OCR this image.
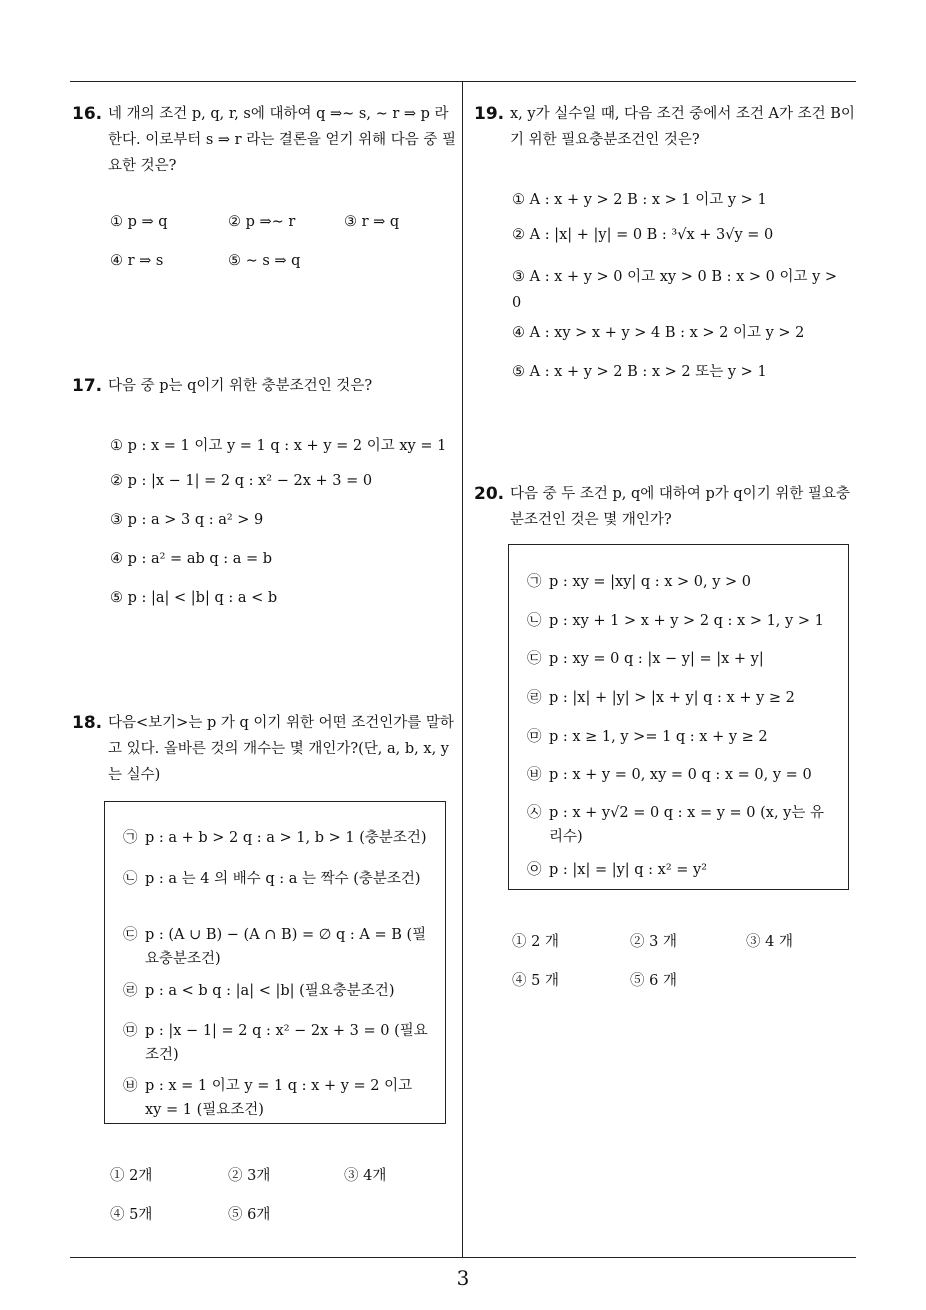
16. 네 개의 조건 p, q, r, s에 대하여 q ⇒∼ s, ∼ r ⇒ p 라 한다. 이로부터 s ⇒ r 라는 결론을 얻기 위해 다음 중 필요한 것은?
① p ⇒ q	② p ⇒∼ r	③ r ⇒ q
④ r ⇒ s	⑤ ∼ s ⇒ q
17. 다음 중 p는 q이기 위한 충분조건인 것은?
① p : x = 1 이고 y = 1 q : x + y = 2 이고 xy = 1
② p : |x − 1| = 2 q : x² − 2x + 3 = 0
③ p : a > 3 q : a² > 9
④ p : a² = ab q : a = b
⑤ p : |a| < |b| q : a < b
18. 다음<보기>는 p 가 q 이기 위한 어떤 조건인가를 말하고 있다. 올바른 것의 개수는 몇 개인가?(단, a, b, x, y 는 실수)
㉠ p : a + b > 2 q : a > 1, b > 1 (충분조건)
㉡ p : a 는 4 의 배수 q : a 는 짝수 (충분조건)
㉢ p : (A ∪ B) − (A ∩ B) = ∅ q : A = B (필요충분조건)
㉣ p : a < b q : |a| < |b| (필요충분조건)
㉤ p : |x − 1| = 2 q : x² − 2x + 3 = 0 (필요조건)
㉥ p : x = 1 이고 y = 1 q : x + y = 2 이고 xy = 1 (필요조건)
① 2개	② 3개	③ 4개
④ 5개	⑤ 6개
19. x, y가 실수일 때, 다음 조건 중에서 조건 A가 조건 B이기 위한 필요충분조건인 것은?
① A : x + y > 2 B : x > 1 이고 y > 1
② A : |x| + |y| = 0 B : ³√x + 3√y = 0
③ A : x + y > 0 이고 xy > 0 B : x > 0 이고 y > 0
④ A : xy > x + y > 4 B : x > 2 이고 y > 2
⑤ A : x + y > 2 B : x > 2 또는 y > 1
20. 다음 중 두 조건 p, q에 대하여 p가 q이기 위한 필요충분조건인 것은 몇 개인가?
㉠ p : xy = |xy| q : x > 0, y > 0
㉡ p : xy + 1 > x + y > 2 q : x > 1, y > 1
㉢ p : xy = 0 q : |x − y| = |x + y|
㉣ p : |x| + |y| > |x + y| q : x + y ≥ 2
㉤ p : x ≥ 1, y >= 1 q : x + y ≥ 2
㉥ p : x + y = 0, xy = 0 q : x = 0, y = 0
㉦ p : x + y√2 = 0 q : x = y = 0 (x, y는 유리수)
㉧ p : |x| = |y| q : x² = y²
① 2 개	② 3 개	③ 4 개
④ 5 개	⑤ 6 개
3
